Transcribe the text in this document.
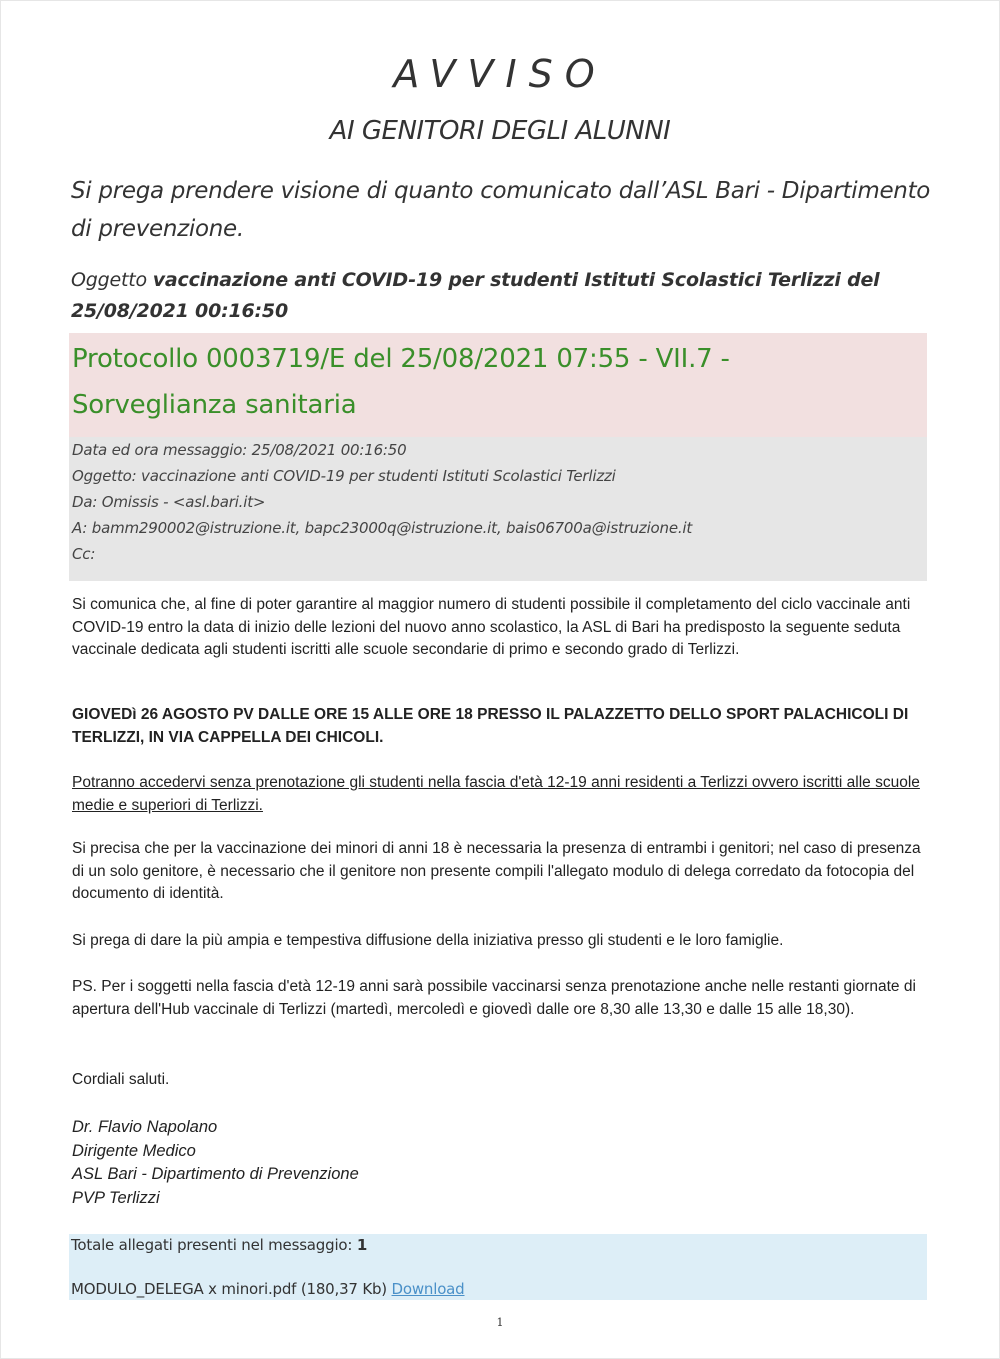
AVVISO
AI GENITORI DEGLI ALUNNI
Si prega prendere visione di quanto comunicato dall’ASL Bari - Dipartimento di prevenzione.
Oggetto vaccinazione anti COVID-19 per studenti Istituti Scolastici Terlizzi del 25/08/2021 00:16:50
Protocollo 0003719/E del 25/08/2021 07:55 - VII.7 -
Sorveglianza sanitaria
Data ed ora messaggio: 25/08/2021 00:16:50
Oggetto: vaccinazione anti COVID-19 per studenti Istituti Scolastici Terlizzi
Da: Omissis - <asl.bari.it>
A: bamm290002@istruzione.it, bapc23000q@istruzione.it, bais06700a@istruzione.it
Cc:
Si comunica che, al fine di poter garantire al maggior numero di studenti possibile il completamento del ciclo vaccinale anti COVID-19 entro la data di inizio delle lezioni del nuovo anno scolastico, la ASL di Bari ha predisposto la seguente seduta vaccinale dedicata agli studenti iscritti alle scuole secondarie di primo e secondo grado di Terlizzi.
GIOVEDì 26 AGOSTO PV DALLE ORE 15 ALLE ORE 18 PRESSO IL PALAZZETTO DELLO SPORT PALACHICOLI DI TERLIZZI, IN VIA CAPPELLA DEI CHICOLI.
Potranno accedervi senza prenotazione gli studenti nella fascia d'età 12-19 anni residenti a Terlizzi ovvero iscritti alle scuole medie e superiori di Terlizzi.
Si precisa che per la vaccinazione dei minori di anni 18 è necessaria la presenza di entrambi i genitori; nel caso di presenza di un solo genitore, è necessario che il genitore non presente compili l'allegato modulo di delega corredato da fotocopia del documento di identità.
Si prega di dare la più ampia e tempestiva diffusione della iniziativa presso gli studenti e le loro famiglie.
PS. Per i soggetti nella fascia d'età 12-19 anni sarà possibile vaccinarsi senza prenotazione anche nelle restanti giornate di apertura dell'Hub vaccinale di Terlizzi (martedì, mercoledì e giovedì dalle ore 8,30 alle 13,30 e dalle 15 alle 18,30).
Cordiali saluti.
Dr. Flavio Napolano
Dirigente Medico
ASL Bari - Dipartimento di Prevenzione
PVP Terlizzi
Totale allegati presenti nel messaggio: 1
MODULO_DELEGA x minori.pdf (180,37 Kb) Download
1
